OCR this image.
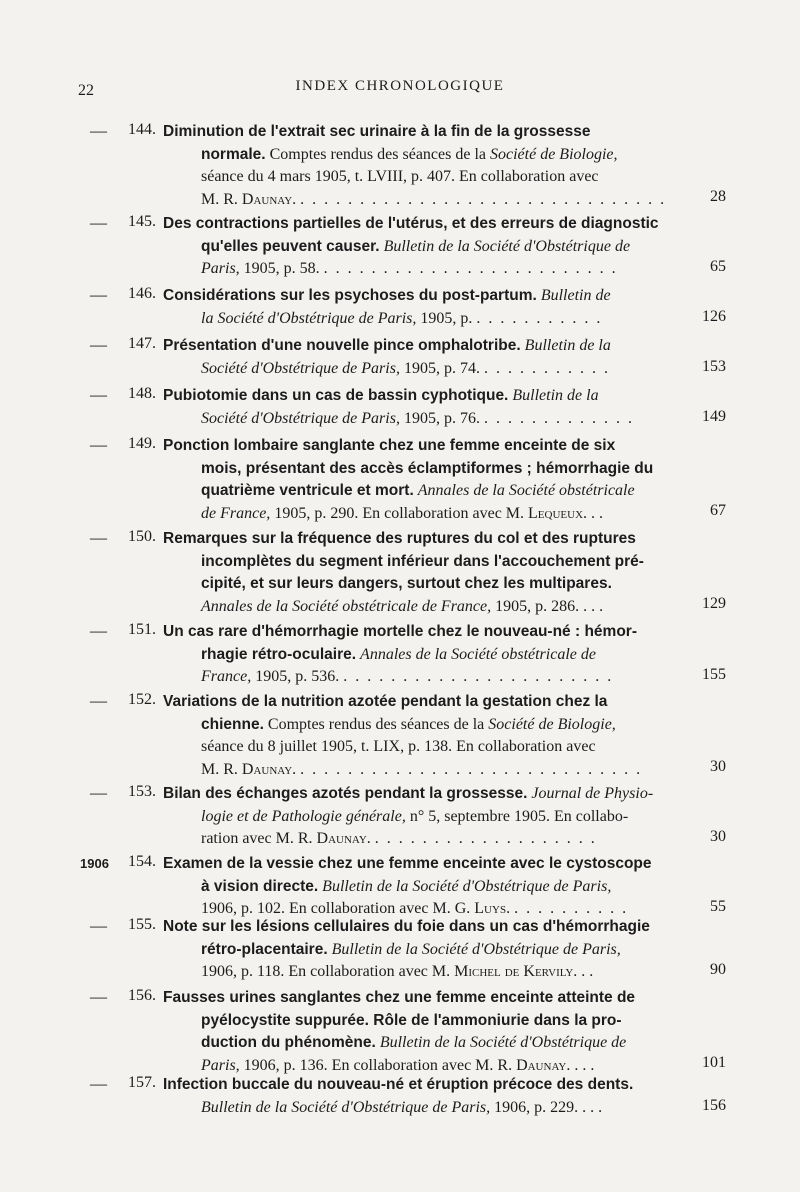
22	INDEX CHRONOLOGIQUE
— 144. Diminution de l'extrait sec urinaire à la fin de la grossesse
normale. Comptes rendus des séances de la Société de Biologie,
séance du 4 mars 1905, t. LVIII, p. 407. En collaboration avec
M. R. Daunay. . . . . . . . . . . . . . . . . . . . . . . . . . . . . . . .	28
— 145. Des contractions partielles de l'utérus, et des erreurs de diagnostic
qu'elles peuvent causer. Bulletin de la Société d'Obstétrique de
Paris, 1905, p. 58. . . . . . . . . . . . . . . . . . . . . . . . . .	65
— 146. Considérations sur les psychoses du post-partum. Bulletin de
la Société d'Obstétrique de Paris, 1905, p. . . . . . . . . . . .	126
— 147. Présentation d'une nouvelle pince omphalotribe. Bulletin de la
Société d'Obstétrique de Paris, 1905, p. 74. . . . . . . . . . . .	153
— 148. Pubiotomie dans un cas de bassin cyphotique. Bulletin de la
Société d'Obstétrique de Paris, 1905, p. 76. . . . . . . . . . . . . .	149
— 149. Ponction lombaire sanglante chez une femme enceinte de six
mois, présentant des accès éclamptiformes ; hémorrhagie du
quatrième ventricule et mort. Annales de la Société obstétricale
de France, 1905, p. 290. En collaboration avec M. Lequeux. . .	67
— 150. Remarques sur la fréquence des ruptures du col et des ruptures
incomplètes du segment inférieur dans l'accouchement pré-
cipité, et sur leurs dangers, surtout chez les multipares.
Annales de la Société obstétricale de France, 1905, p. 286. . . .	129
— 151. Un cas rare d'hémorrhagie mortelle chez le nouveau-né : hémor-
rhagie rétro-oculaire. Annales de la Société obstétricale de
France, 1905, p. 536. . . . . . . . . . . . . . . . . . . . . . . .	155
— 152. Variations de la nutrition azotée pendant la gestation chez la
chienne. Comptes rendus des séances de la Société de Biologie,
séance du 8 juillet 1905, t. LIX, p. 138. En collaboration avec
M. R. Daunay. . . . . . . . . . . . . . . . . . . . . . . . . . . . . .	30
— 153. Bilan des échanges azotés pendant la grossesse. Journal de Physio-
logie et de Pathologie générale, n° 5, septembre 1905. En collabo-
ration avec M. R. Daunay. . . . . . . . . . . . . . . . . . . .	30
1906 154. Examen de la vessie chez une femme enceinte avec le cystoscope
à vision directe. Bulletin de la Société d'Obstétrique de Paris,
1906, p. 102. En collaboration avec M. G. Luys. . . . . . . . . . .	55
— 155. Note sur les lésions cellulaires du foie dans un cas d'hémorrhagie
rétro-placentaire. Bulletin de la Société d'Obstétrique de Paris,
1906, p. 118. En collaboration avec M. Michel de Kervily. . .	90
— 156. Fausses urines sanglantes chez une femme enceinte atteinte de
pyélocystite suppurée. Rôle de l'ammoniurie dans la pro-
duction du phénomène. Bulletin de la Société d'Obstétrique de
Paris, 1906, p. 136. En collaboration avec M. R. Daunay. . . .	101
— 157. Infection buccale du nouveau-né et éruption précoce des dents.
Bulletin de la Société d'Obstétrique de Paris, 1906, p. 229. . . .	156
